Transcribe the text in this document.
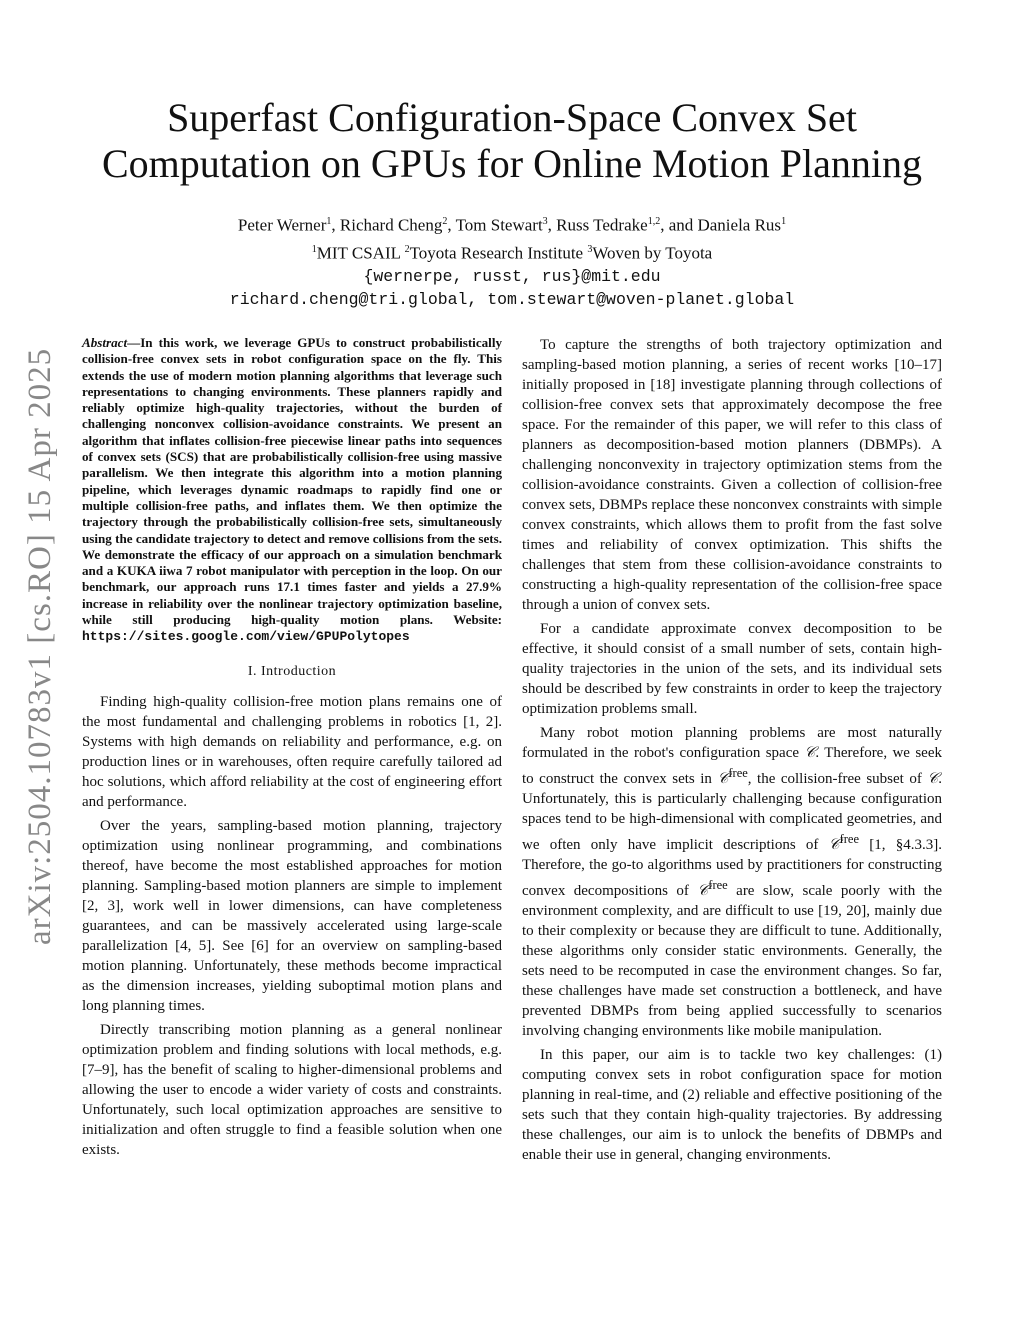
arXiv:2504.10783v1 [cs.RO] 15 Apr 2025
Superfast Configuration-Space Convex Set
Computation on GPUs for Online Motion Planning
Peter Werner$^1$, Richard Cheng$^2$, Tom Stewart$^3$, Russ Tedrake$^{1,2}$, and Daniela Rus$^1$
$^1$MIT CSAIL $^2$Toyota Research Institute $^3$Woven by Toyota
{wernerpe, russt, rus}@mit.edu
richard.cheng@tri.global, tom.stewart@woven-planet.global

Abstract—In this work, we leverage GPUs to construct probabilistically collision-free convex sets in robot configuration space on the fly. This extends the use of modern motion planning algorithms that leverage such representations to changing environments. These planners rapidly and reliably optimize high-quality trajectories, without the burden of challenging nonconvex collision-avoidance constraints. We present an algorithm that inflates collision-free piecewise linear paths into sequences of convex sets (SCS) that are probabilistically collision-free using massive parallelism. We then integrate this algorithm into a motion planning pipeline, which leverages dynamic roadmaps to rapidly find one or multiple collision-free paths, and inflates them. We then optimize the trajectory through the probabilistically collision-free sets, simultaneously using the candidate trajectory to detect and remove collisions from the sets. We demonstrate the efficacy of our approach on a simulation benchmark and a KUKA iiwa 7 robot manipulator with perception in the loop. On our benchmark, our approach runs 17.1 times faster and yields a 27.9% increase in reliability over the nonlinear trajectory optimization baseline, while still producing high-quality motion plans. Website: https://sites.google.com/view/GPUPolytopes

I. Introduction

Finding high-quality collision-free motion plans remains one of the most fundamental and challenging problems in robotics [1, 2]. Systems with high demands on reliability and performance, e.g. on production lines or in warehouses, often require carefully tailored ad hoc solutions, which afford reliability at the cost of engineering effort and performance.

Over the years, sampling-based motion planning, trajectory optimization using nonlinear programming, and combinations thereof, have become the most established approaches for motion planning. Sampling-based motion planners are simple to implement [2, 3], work well in lower dimensions, can have completeness guarantees, and can be massively accelerated using large-scale parallelization [4, 5]. See [6] for an overview on sampling-based motion planning. Unfortunately, these methods become impractical as the dimension increases, yielding suboptimal motion plans and long planning times.

Directly transcribing motion planning as a general nonlinear optimization problem and finding solutions with local methods, e.g. [7–9], has the benefit of scaling to higher-dimensional problems and allowing the user to encode a wider variety of costs and constraints. Unfortunately, such local optimization approaches are sensitive to initialization and often struggle to find a feasible solution when one exists.

To capture the strengths of both trajectory optimization and sampling-based motion planning, a series of recent works [10–17] initially proposed in [18] investigate planning through collections of collision-free convex sets that approximately decompose the free space. For the remainder of this paper, we will refer to this class of planners as decomposition-based motion planners (DBMPs). A challenging nonconvexity in trajectory optimization stems from the collision-avoidance constraints. Given a collection of collision-free convex sets, DBMPs replace these nonconvex constraints with simple convex constraints, which allows them to profit from the fast solve times and reliability of convex optimization. This shifts the challenges that stem from these collision-avoidance constraints to constructing a high-quality representation of the collision-free space through a union of convex sets.

For a candidate approximate convex decomposition to be effective, it should consist of a small number of sets, contain high-quality trajectories in the union of the sets, and its individual sets should be described by few constraints in order to keep the trajectory optimization problems small.

Many robot motion planning problems are most naturally formulated in the robot's configuration space 𝒞. Therefore, we seek to construct the convex sets in 𝒞$^{free}$, the collision-free subset of 𝒞. Unfortunately, this is particularly challenging because configuration spaces tend to be high-dimensional with complicated geometries, and we often only have implicit descriptions of 𝒞$^{free}$ [1, §4.3.3]. Therefore, the go-to algorithms used by practitioners for constructing convex decompositions of 𝒞$^{free}$ are slow, scale poorly with the environment complexity, and are difficult to use [19, 20], mainly due to their complexity or because they are difficult to tune. Additionally, these algorithms only consider static environments. Generally, the sets need to be recomputed in case the environment changes. So far, these challenges have made set construction a bottleneck, and have prevented DBMPs from being applied successfully to scenarios involving changing environments like mobile manipulation.

In this paper, our aim is to tackle two key challenges: (1) computing convex sets in robot configuration space for motion planning in real-time, and (2) reliable and effective positioning of the sets such that they contain high-quality trajectories. By addressing these challenges, our aim is to unlock the benefits of DBMPs and enable their use in general, changing environments.
